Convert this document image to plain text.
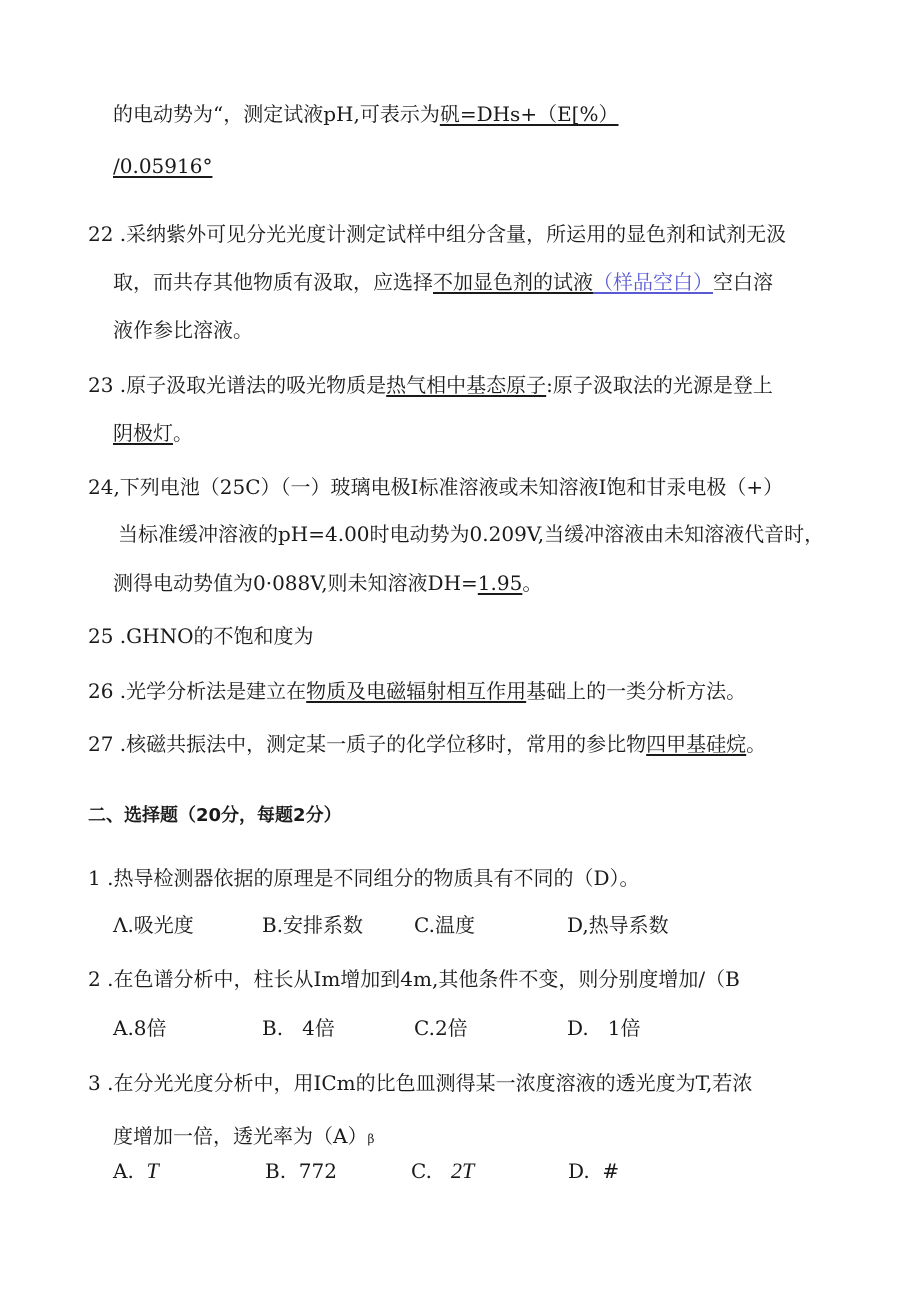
的电动势为“，测定试液pH,可表示为矾=DHs+（E[%）
/0.05916°
22 .采纳紫外可见分光光度计测定试样中组分含量，所运用的显色剂和试剂无汲
取，而共存其他物质有汲取，应选择不加显色剂的试液（样品空白）空白溶
液作参比溶液。
23 .原子汲取光谱法的吸光物质是热气相中基态原子:原子汲取法的光源是登上
阴极灯。
24,下列电池（25C）（一）玻璃电极I标准溶液或未知溶液I饱和甘汞电极（+）
当标准缓冲溶液的pH=4.00时电动势为0.209V,当缓冲溶液由未知溶液代音时，
测得电动势值为0·088V,则未知溶液DH=1.95。
25 .GHNO的不饱和度为
26 .光学分析法是建立在物质及电磁辐射相互作用基础上的一类分析方法。
27 .核磁共振法中，测定某一质子的化学位移时，常用的参比物四甲基硅烷。
二、选择题（20分，每题2分）
1 .热导检测器依据的原理是不同组分的物质具有不同的（D）。
Λ.吸光度	B.安排系数	C.温度	D,热导系数
2 .在色谱分析中，柱长从Im增加到4m,其他条件不变，则分别度增加/（B
A.8倍	B.   4倍	C.2倍	D.   1倍
3 .在分光光度分析中，用ICm的比色皿测得某一浓度溶液的透光度为T,若浓
度增加一倍，透光率为（A）β
A. T	B. 772	C. 2T	D. #
